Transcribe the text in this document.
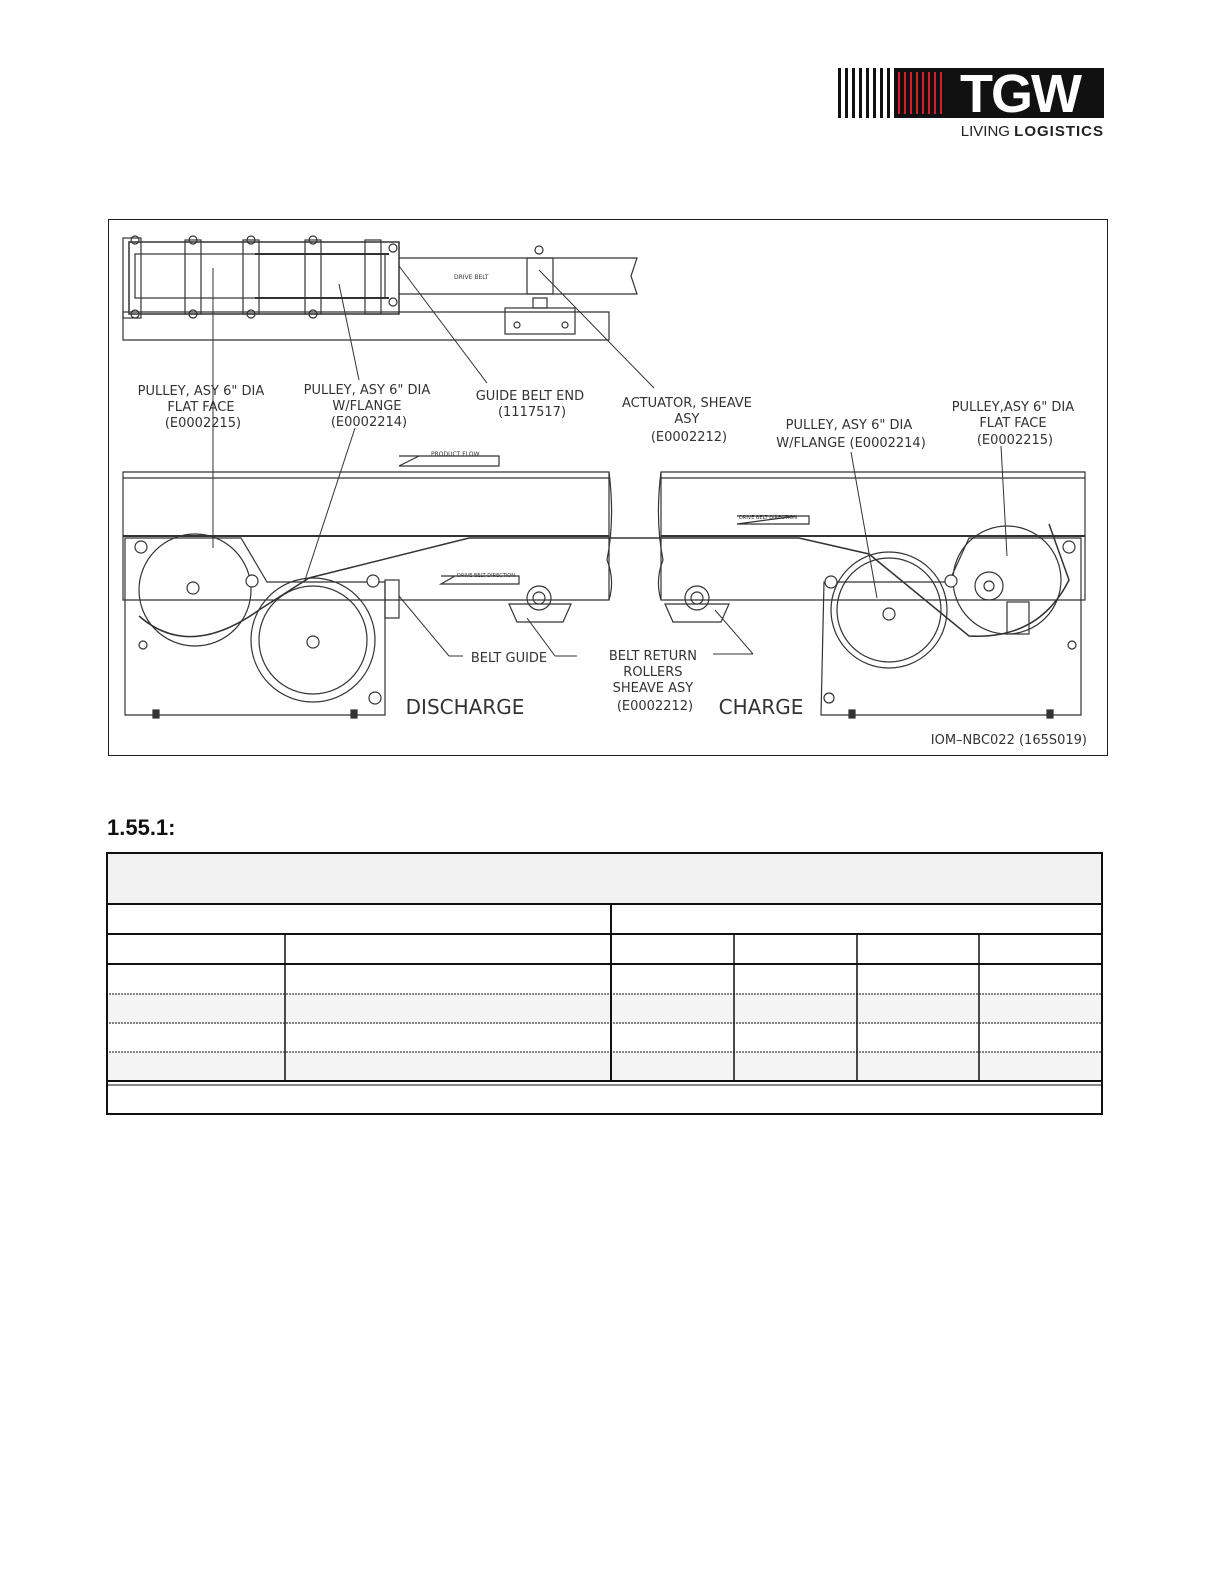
TGW
LIVING LOGISTICS
DRIVE BELT
PULLEY, ASY 6" DIA FLAT FACE (E0002215)
PULLEY, ASY 6" DIA W/FLANGE (E0002214)
GUIDE BELT END (1117517)
ACTUATOR, SHEAVE ASY (E0002212)
PULLEY, ASY 6" DIA W/FLANGE (E0002214)
PULLEY,ASY 6" DIA FLAT FACE (E0002215)
PRODUCT FLOW
DRIVE BELT DIRECTION
DRIVE BELT DIRECTION
BELT GUIDE	BELT RETURN ROLLERS SHEAVE ASY (E0002212)
DISCHARGE	CHARGE
IOM–NBC022 (165S019)
1.55.1:
